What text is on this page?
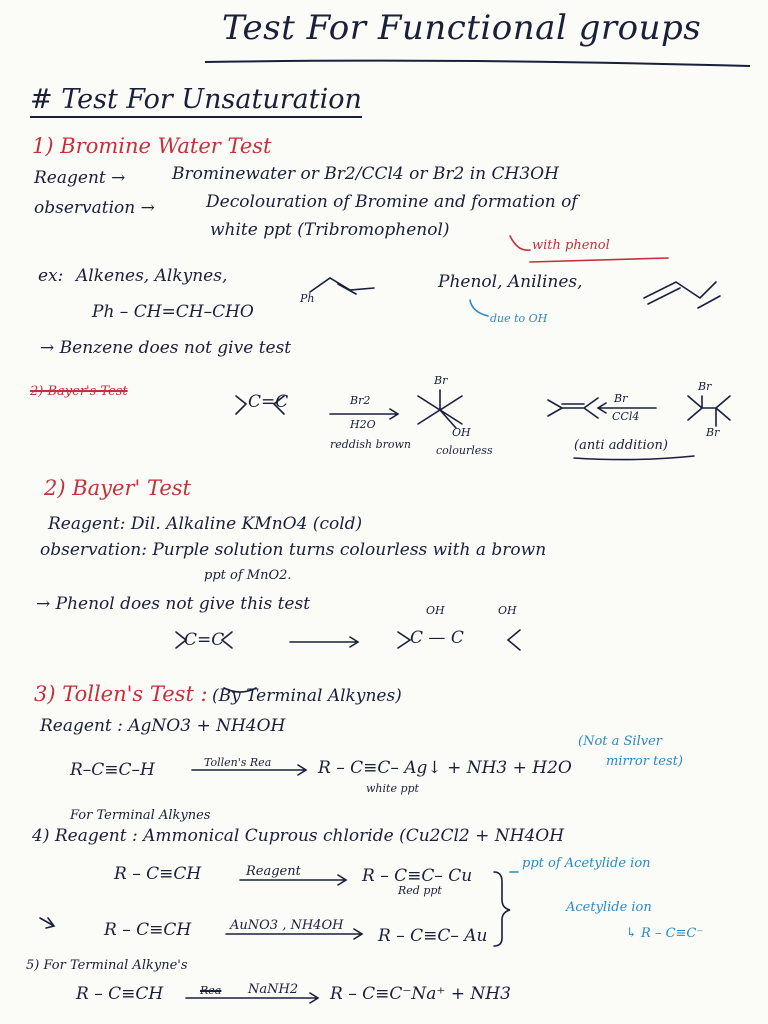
Test For Functional groups
# Test For Unsaturation
1) Bromine Water Test
Reagent →	Brominewater or Br2/CCl4 or Br2 in CH3OH
observation →	Decolouration of Bromine and formation of
white ppt (Tribromophenol)
with phenol
ex: Alkenes, Alkynes,
Ph
Phenol, Anilines,
due to OH
Ph – CH=CH–CHO
→ Benzene does not give test
2) Bayer's Test
C=C	Br2
H2O
reddish brown
Br
OH
colourless
Br
CCl4
Br
Br
(anti addition)
2) Bayer' Test
Reagent: Dil. Alkaline KMnO4 (cold)
observation: Purple solution turns colourless with a brown
ppt of MnO2.
→ Phenol does not give this test
C=C
OH	OH
C — C
3) Tollen's Test : (By Terminal Alkynes)
Reagent : AgNO3 + NH4OH
R–C≡C–H	Tollen's Rea	R – C≡C– Ag↓ + NH3 + H2O
white ppt
(Not a Silver
mirror test)
For Terminal Alkynes
4) Reagent : Ammonical Cuprous chloride (Cu2Cl2 + NH4OH
R – C≡CH	Reagent	R – C≡C– Cu
Red ppt
ppt of Acetylide ion
Acetylide ion
↳ R – C≡C⁻
R – C≡CH	AuNO3 , NH4OH
R – C≡C– Au
5) For Terminal Alkyne's
R – C≡CH	Rea NaNH2 R – C≡C⁻Na⁺ + NH3
